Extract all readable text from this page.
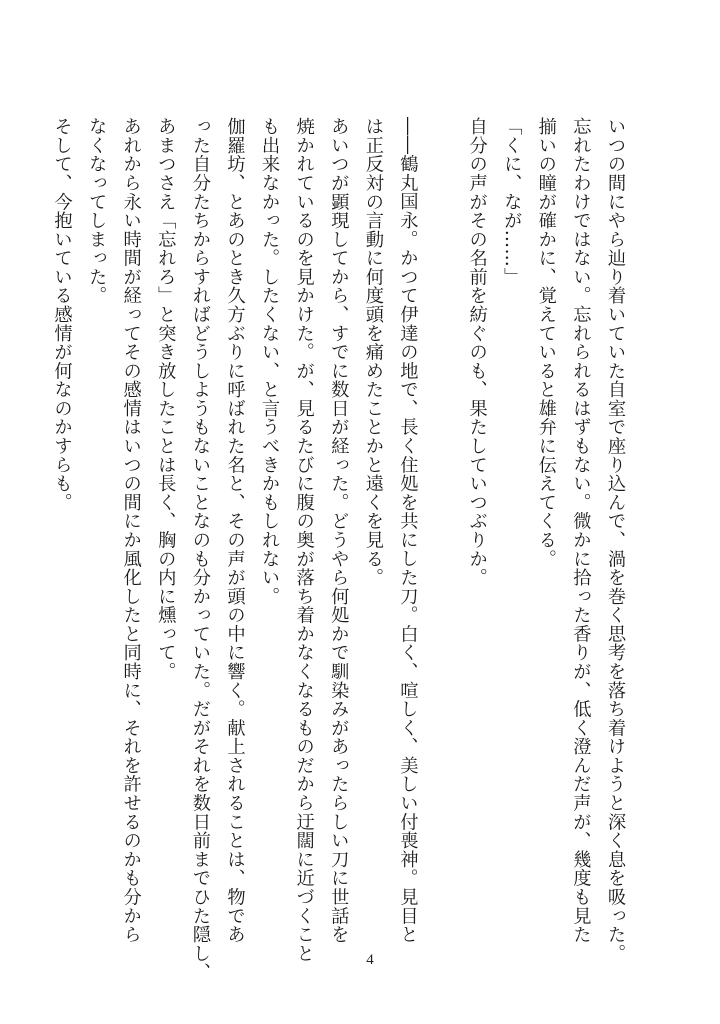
いつの間にやら辿り着いていた自室で座り込んで、渦を巻く思考を落ち着けようと深く息を吸った。

忘れたわけではない。忘れられるはずもない。微かに拾った香りが、低く澄んだ声が、幾度も見た

揃いの瞳が確かに、覚えていると雄弁に伝えてくる。

「くに、なが……」

自分の声がその名前を紡ぐのも、果たしていつぶりか。

――鶴丸国永。かつて伊達の地で、長く住処を共にした刀。白く、喧しく、美しい付喪神。見目と

は正反対の言動に何度頭を痛めたことかと遠くを見る。

あいつが顕現してから、すでに数日が経った。どうやら何処かで馴染みがあったらしい刀に世話を

焼かれているのを見かけた。が、見るたびに腹の奥が落ち着かなくなるものだから迂闊に近づくこと

も出来なかった。したくない、と言うべきかもしれない。

伽羅坊、とあのとき久方ぶりに呼ばれた名と、その声が頭の中に響く。献上されることは、物であ

った自分たちからすればどうしようもないことなのも分かっていた。だがそれを数日前までひた隠し、

あまつさえ「忘れろ」と突き放したことは長く、胸の内に燻って。

あれから永い時間が経ってその感情はいつの間にか風化したと同時に、それを許せるのかも分から

なくなってしまった。

そして、今抱いている感情が何なのかすらも。

4
